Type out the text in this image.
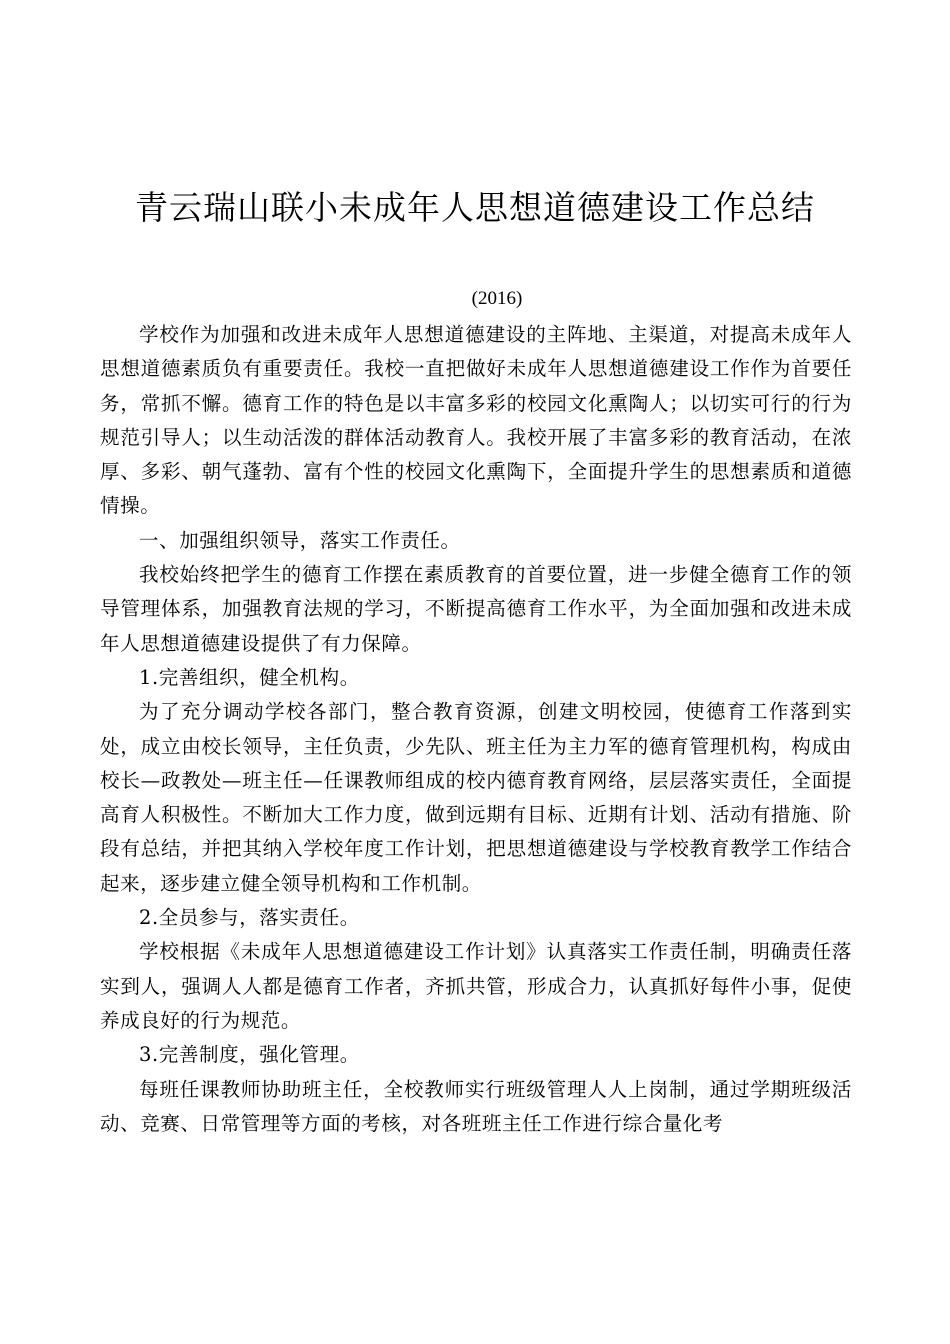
青云瑞山联小未成年人思想道德建设工作总结
(2016)

学校作为加强和改进未成年人思想道德建设的主阵地、主渠道，对提高未成年人思想道德素质负有重要责任。我校一直把做好未成年人思想道德建设工作作为首要任务，常抓不懈。德育工作的特色是以丰富多彩的校园文化熏陶人；以切实可行的行为规范引导人；以生动活泼的群体活动教育人。我校开展了丰富多彩的教育活动，在浓厚、多彩、朝气蓬勃、富有个性的校园文化熏陶下，全面提升学生的思想素质和道德情操。

一、加强组织领导，落实工作责任。

我校始终把学生的德育工作摆在素质教育的首要位置，进一步健全德育工作的领导管理体系，加强教育法规的学习，不断提高德育工作水平，为全面加强和改进未成年人思想道德建设提供了有力保障。

1.完善组织，健全机构。

为了充分调动学校各部门，整合教育资源，创建文明校园，使德育工作落到实处，成立由校长领导，主任负责，少先队、班主任为主力军的德育管理机构，构成由校长—政教处—班主任—任课教师组成的校内德育教育网络，层层落实责任，全面提高育人积极性。不断加大工作力度，做到远期有目标、近期有计划、活动有措施、阶段有总结，并把其纳入学校年度工作计划，把思想道德建设与学校教育教学工作结合起来，逐步建立健全领导机构和工作机制。

2.全员参与，落实责任。

学校根据《未成年人思想道德建设工作计划》认真落实工作责任制，明确责任落实到人，强调人人都是德育工作者，齐抓共管，形成合力，认真抓好每件小事，促使养成良好的行为规范。

3.完善制度，强化管理。

每班任课教师协助班主任，全校教师实行班级管理人人上岗制，通过学期班级活动、竞赛、日常管理等方面的考核，对各班班主任工作进行综合量化考
